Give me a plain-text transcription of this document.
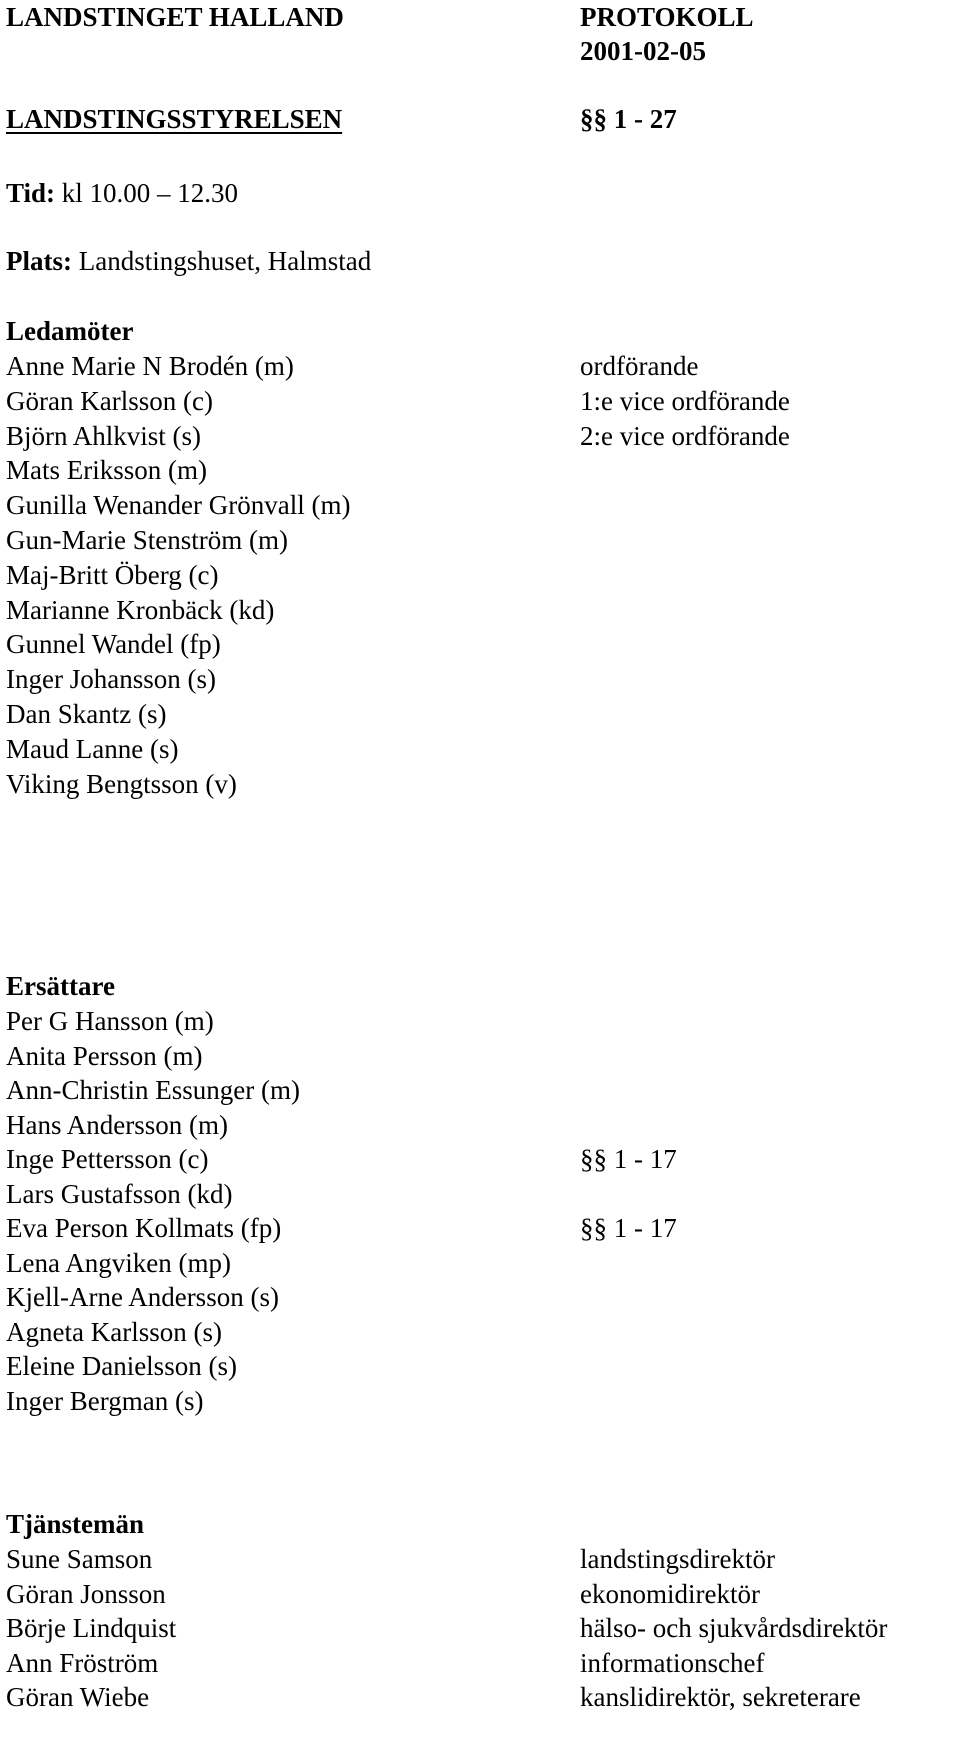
LANDSTINGET HALLAND	PROTOKOLL
2001-02-05
LANDSTINGSSTYRELSEN	§§ 1 - 27
Tid: kl 10.00 – 12.30
Plats: Landstingshuset, Halmstad
Ledamöter
Anne Marie N Brodén (m)	ordförande
Göran Karlsson (c)	1:e vice ordförande
Björn Ahlkvist (s)	2:e vice ordförande
Mats Eriksson (m)
Gunilla Wenander Grönvall (m)
Gun-Marie Stenström (m)
Maj-Britt Öberg (c)
Marianne Kronbäck (kd)
Gunnel Wandel (fp)
Inger Johansson (s)
Dan Skantz (s)
Maud Lanne (s)
Viking Bengtsson (v)
Ersättare
Per G Hansson (m)
Anita Persson (m)
Ann-Christin Essunger (m)
Hans Andersson (m)
Inge Pettersson (c)	§§ 1 - 17
Lars Gustafsson (kd)
Eva Person Kollmats (fp)	§§ 1 - 17
Lena Angviken (mp)
Kjell-Arne Andersson (s)
Agneta Karlsson (s)
Eleine Danielsson (s)
Inger Bergman (s)
Tjänstemän
Sune Samson	landstingsdirektör
Göran Jonsson	ekonomidirektör
Börje Lindquist	hälso- och sjukvårdsdirektör
Ann Fröström	informationschef
Göran Wiebe	kanslidirektör, sekreterare
